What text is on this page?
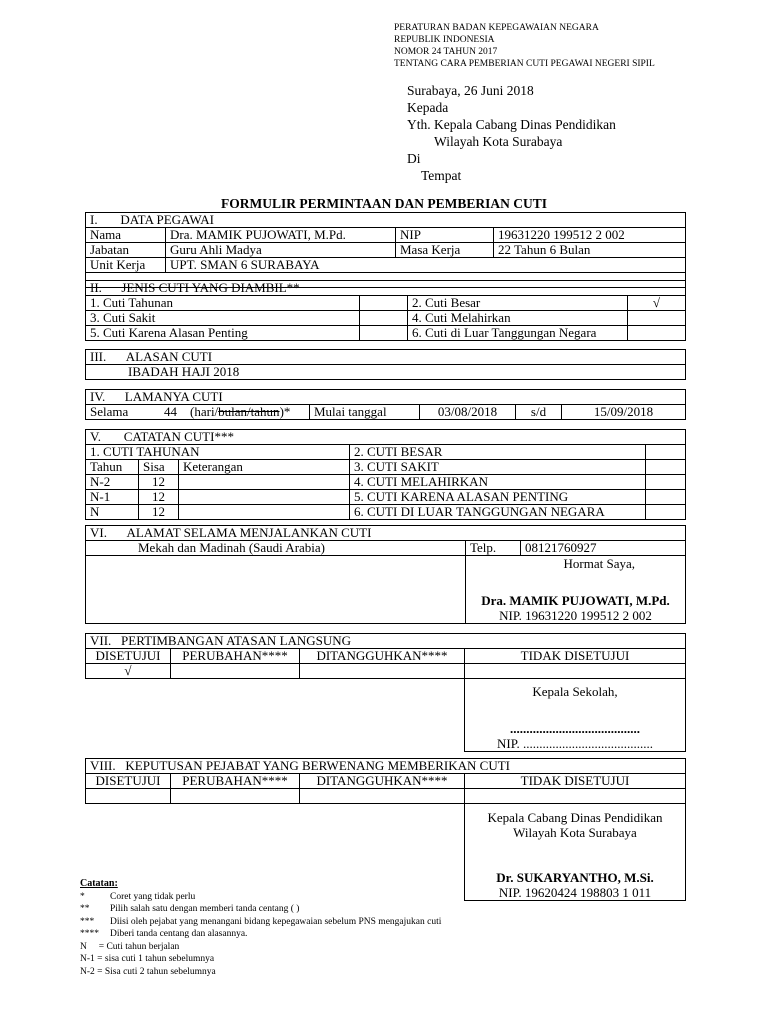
PERATURAN BADAN KEPEGAWAIAN NEGARA
REPUBLIK INDONESIA
NOMOR 24 TAHUN 2017
TENTANG CARA PEMBERIAN CUTI PEGAWAI NEGERI SIPIL
Surabaya, 26 Juni 2018
Kepada
Yth. Kepala Cabang Dinas Pendidikan
Wilayah Kota Surabaya
Di
Tempat
FORMULIR PERMINTAAN DAN PEMBERIAN CUTI
I. DATA PEGAWAI			
Nama	Dra. MAMIK PUJOWATI, M.Pd.	NIP	19631220 199512 2 002
Jabatan	Guru Ahli Madya	Masa Kerja	22 Tahun 6 Bulan
Unit Kerja	UPT. SMAN 6 SURABAYA		

II. JENIS CUTI YANG DIAMBIL**			
1. Cuti Tahunan		2. Cuti Besar	√
3. Cuti Sakit		4. Cuti Melahirkan	
5. Cuti Karena Alasan Penting		6. Cuti di Luar Tanggungan Negara	
III. ALASAN CUTI
IBADAH HAJI 2018
IV. LAMANYA CUTI
Selama	44 (hari/bulan/tahun)*	Mulai tanggal	03/08/2018	s/d	15/09/2018
V. CATATAN CUTI***				
1. CUTI TAHUNAN			2. CUTI BESAR	
Tahun	Sisa	Keterangan	3. CUTI SAKIT	
N-2	12		4. CUTI MELAHIRKAN	
N-1	12		5. CUTI KARENA ALASAN PENTING	
N	12		6. CUTI DI LUAR TANGGUNGAN NEGARA	
VI. ALAMAT SELAMA MENJALANKAN CUTI		
Mekah dan Madinah (Saudi Arabia)	Telp.	08121760927

	Hormat Saya,
Dra. MAMIK PUJOWATI, M.Pd.
NIP. 19631220 199512 2 002	
VII. PERTIMBANGAN ATASAN LANGSUNG			
DISETUJUI	PERUBAHAN****	DITANGGUHKAN****	TIDAK DISETUJUI
√			

			Kepala Sekolah,
........................................
NIP. ........................................
VIII. KEPUTUSAN PEJABAT YANG BERWENANG MEMBERIKAN CUTI			
DISETUJUI	PERUBAHAN****	DITANGGUHKAN****	TIDAK DISETUJUI

			Kepala Cabang Dinas Pendidikan
Wilayah Kota Surabaya
Dr. SUKARYANTHO, M.Si.
NIP. 19620424 198803 1 011
Catatan:
*	Coret yang tidak perlu
** Pilih salah satu dengan memberi tanda centang ( )
*** Diisi oleh pejabat yang menangani bidang kepegawaian sebelum PNS mengajukan cuti
**** Diberi tanda centang dan alasannya.
N     = Cuti tahun berjalan
N-1 = sisa cuti 1 tahun sebelumnya
N-2 = Sisa cuti 2 tahun sebelumnya
